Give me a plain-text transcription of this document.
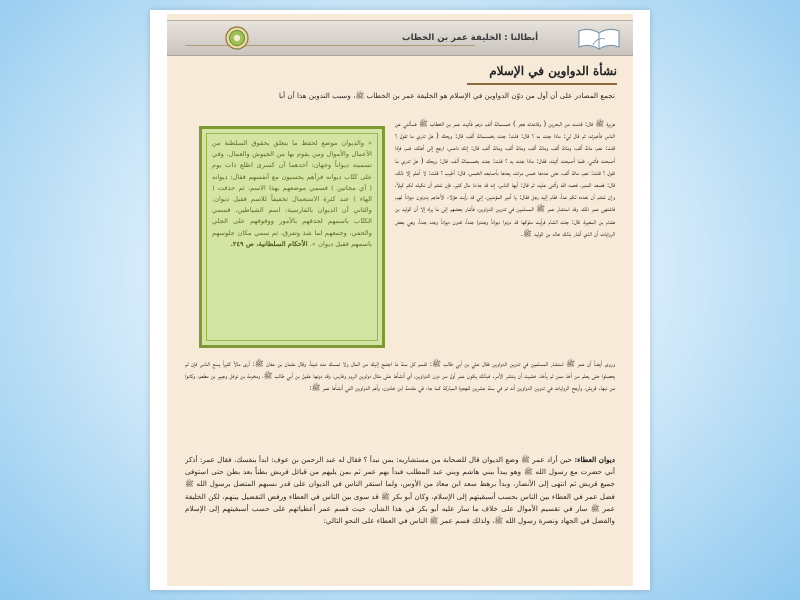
أبطالنا : الخليفة عمر بن الخطاب
نشأة الدواوين في الإسلام

تجمع المصادر على أن أول من دوّن الدواوين في الإسلام هو الخليفة عمر بن الخطاب ﷺ، وسبب التدوين هذا أن أبا

« والديوان موضع لحفظ ما يتعلق بحقوق السلطنة من الأعمال والأموال ومن يقوم بها من الجيوش والعمال، وفي تسميته ديواناً وجهان: أحدهما أن كسرى اطلع ذات يوم على كتّاب ديوانه فرآهم يحسبون مع أنفسهم فقال: ديوانه ( أي مجانين ) فسمي موضعهم بهذا الاسم، ثم حذفت ( الهاء ) عند كثرة الاستعمال تخفيفاً للاسم فقيل ديوان. والثاني أن الديوان بالفارسية: اسم الشياطين، فسمي الكتّاب باسمهم لحذقهم بالأمور ووقوفهم على الجلي والخفي، وجمعهم لما شذ وتفرق، ثم سمي مكان جلوسهم باسمهم فقيل ديوان ». الأحكام السلطانية، ص ٢٤٩.

هريرة ﷺ قال: قدمت من البحرين ( وقاعدته هجر ) خمسمائة ألف درهم فأتيت عمر بن الخطاب ﷺ فسألني عن الناس فأخبرته، ثم قال لي: ماذا جئت به ؟ قال: قلت: جئت بخمسمائة ألف، قال: ويحك ( هل تدري ما تقول ؟ قلت: نعم، مائة ألف، ومائة ألف، ومائة ألف، ومائة ألف، ومائة ألف، قال: إنك ناعس، ارجع إلى أهلك، فنم، فإذا أصبحت فأتني، فلما أصبحت أتيته، فقال: ماذا جئت به ؟ قلت: جئت بخمسمائة ألف، قال: ويحك ( هل تدري ما تقول ؟ قلت: نعم، مائة ألف، حتى عددها خمس مرات، يعدها بأصابعه الخمس، قال: أطيب ؟ قلت: لا أعلم إلا ذلك، قال: فصعد المنبر، فحمد الله وأثنى عليه، ثم قال: أيها الناس، إنه قد جاءنا مال كثير، فإن شئتم أن نكيله لكم كيلاً، وإن شئتم أن نعدده لكم عداً، فقام إليه رجل فقال: يا أمير المؤمنين، إني قد رأيت هؤلاء الأعاجم يدونون ديواناً لهم، فاشتهى عمر ذلك، وقد استشار عمر ﷺ المسلمين في تدوين الدواوين، فأشار بعضهم إلى ما يراه إلا أن الوليد بن هشام بن المغيرة، قال: جئت الشام فرأيت ملوكها قد دونوا ديواناً وجندوا جنداً، فدون ديواناً وجند جنداً، وهي بعض الروايات أن الذي أشار بذلك خالد بن الوليد ﷺ.

وروى أيضاً أن عمر ﷺ استشار المسلمين في تدوين الدواوين فقال علي بن أبي طالب ﷺ: تقسم كل سنة ما اجتمع إليك من المال ولا تمسك منه شيئاً، وقال عثمان بن عفان ﷺ: أرى مالاً كثيراً يسع الناس فإن لم يحصلوا حتى يعلم من أخذ ممن لم يأخذ، خشيت أن ينتشر الأمر. فبذلك يكون عمر أول من دون الدواوين، أي أنشأها على مثال دواوين الروم وفارس، وقد دونها عقيل بن أبي طالب ﷺ، ومخرمة بن نوفل وجبير بن مطعم، وكانوا من نبهاء قريش، وأرجح الروايات في تدوين الدواوين أنه تم في سنة عشرين للهجرة المباركة كما جاء في مقدمة ابن خلدون، وأهم الدواوين التي أنشأها عمر ﷺ:

ديوان العطاء: حين أراد عمر ﷺ وضع الديوان قال للصحابة من مستشاريه: بمن نبدأ ؟ فقال له عبد الرحمن بن عوف: ابدأ بنفسك، فقال عمر: أذكر أني حضرت مع رسول الله ﷺ وهو يبدأ ببني هاشم وبني عبد المطلب فبدأ بهم عمر ثم بمن يليهم من قبائل قريش بطناً بعد بطن حتى استوفى جميع قريش ثم انتهى إلى الأنصار، وبدأ برهط سعد ابن معاذ من الأوس، ولما استقر الناس في الديوان على قدر نسبهم المتصل برسول الله ﷺ فضل عمر في العطاء بين الناس بحسب أسبقيتهم إلى الإسلام، وكان أبو بكر ﷺ قد سوى بين الناس في العطاء ورفض التفضيل بينهم، لكن الخليفة عمر ﷺ سار في تقسيم الأموال على خلاف ما سار عليه أبو بكر في هذا الشأن، حيث قسم عمر أعطياتهم على حسب أسبقيتهم إلى الإسلام والفضل في الجهاد ونصرة رسول الله ﷺ، ولذلك قسم عمر ﷺ الناس في العطاء على النحو التالي:
